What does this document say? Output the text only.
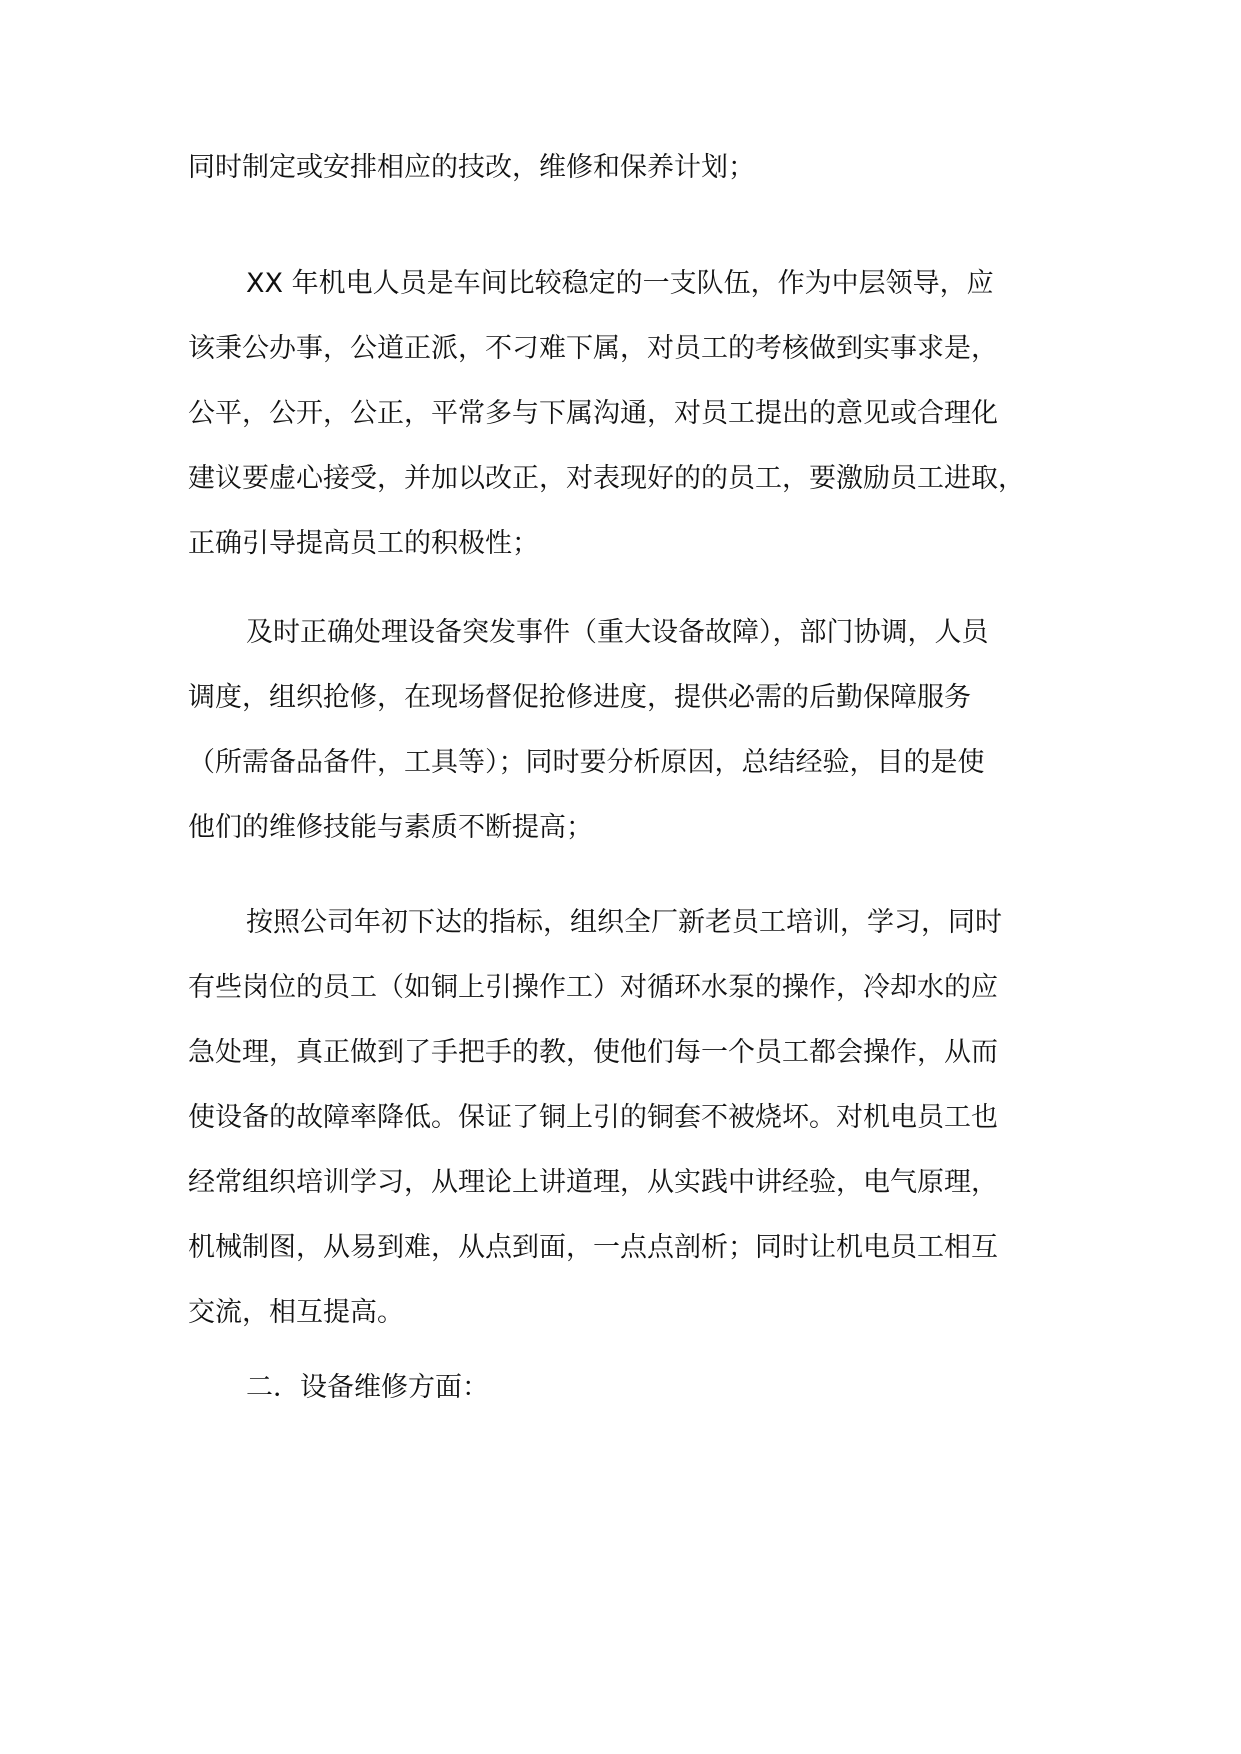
同时制定或安排相应的技改，维修和保养计划；
XX 年机电人员是车间比较稳定的一支队伍，作为中层领导，应
该秉公办事，公道正派，不刁难下属，对员工的考核做到实事求是，
公平，公开，公正，平常多与下属沟通，对员工提出的意见或合理化
建议要虚心接受，并加以改正，对表现好的的员工，要激励员工进取，
正确引导提高员工的积极性；
及时正确处理设备突发事件（重大设备故障），部门协调，人员
调度，组织抢修，在现场督促抢修进度，提供必需的后勤保障服务
（所需备品备件，工具等）；同时要分析原因，总结经验，目的是使
他们的维修技能与素质不断提高；
按照公司年初下达的指标，组织全厂新老员工培训，学习，同时
有些岗位的员工（如铜上引操作工）对循环水泵的操作，冷却水的应
急处理，真正做到了手把手的教，使他们每一个员工都会操作，从而
使设备的故障率降低。保证了铜上引的铜套不被烧坏。对机电员工也
经常组织培训学习，从理论上讲道理，从实践中讲经验，电气原理，
机械制图，从易到难，从点到面，一点点剖析；同时让机电员工相互
交流，相互提高。
二．设备维修方面：
